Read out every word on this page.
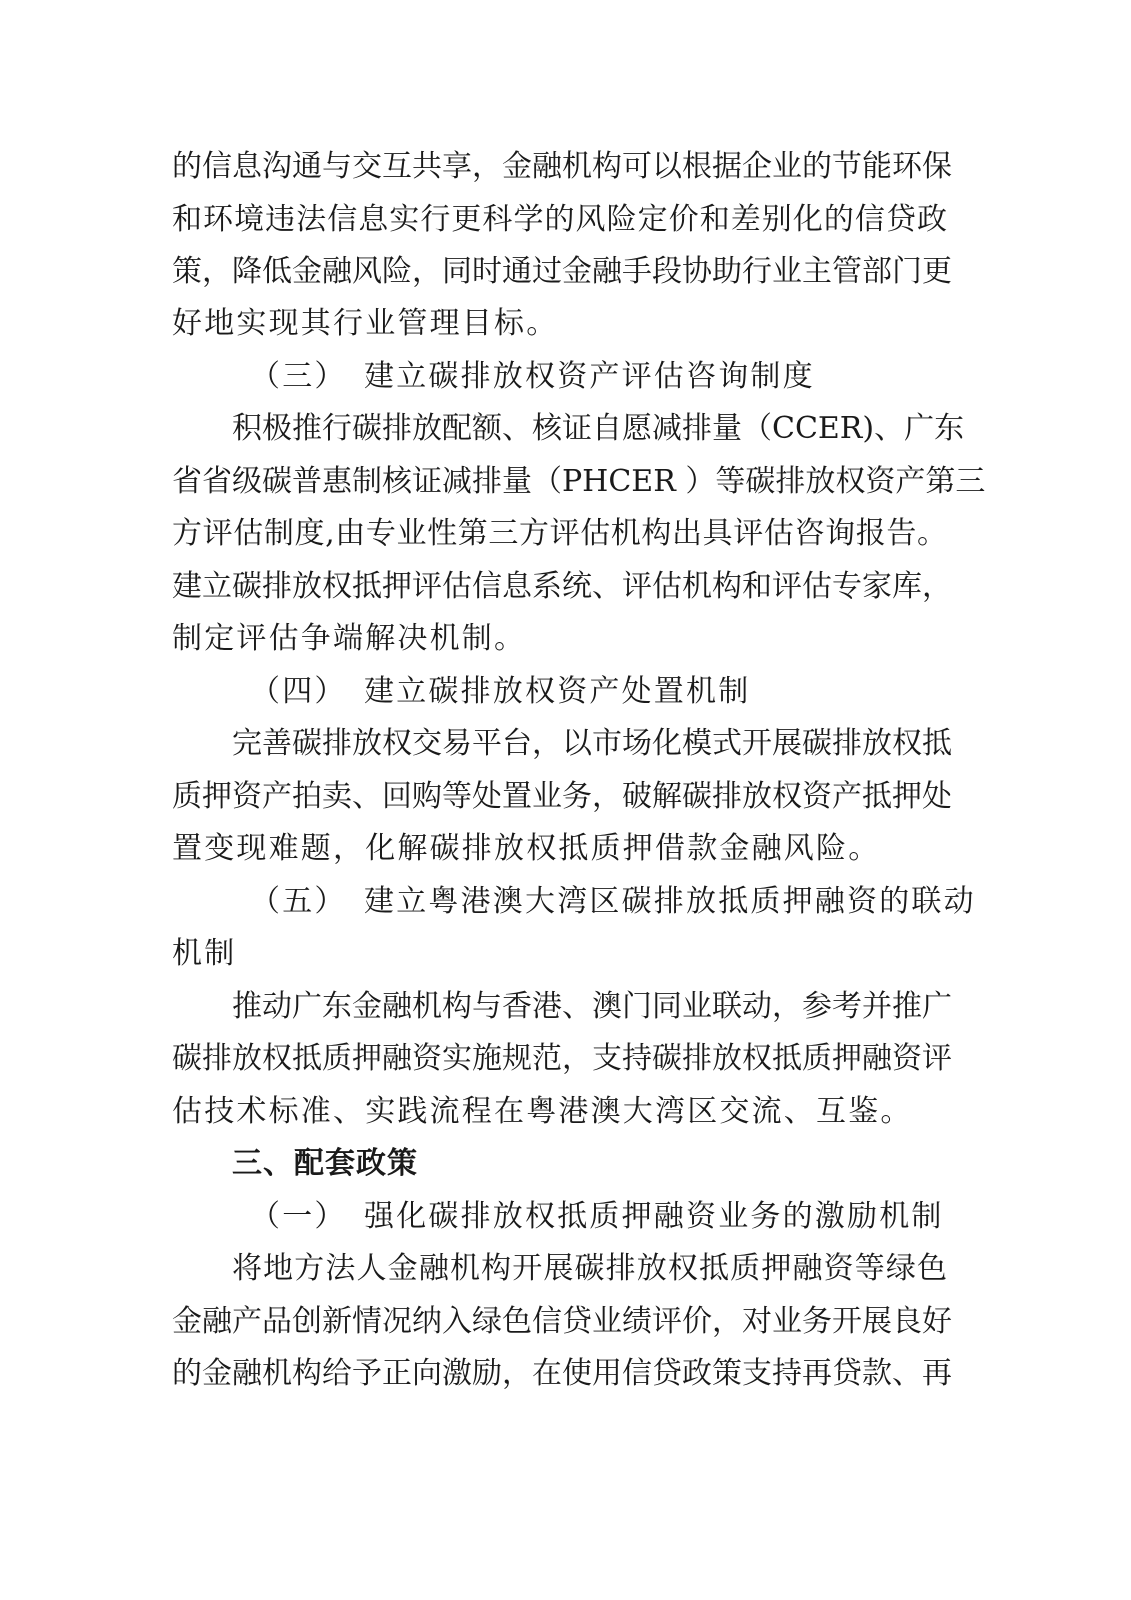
的信息沟通与交互共享，金融机构可以根据企业的节能环保
和环境违法信息实行更科学的风险定价和差别化的信贷政
策，降低金融风险，同时通过金融手段协助行业主管部门更
好地实现其行业管理目标。
（三） 建立碳排放权资产评估咨询制度
积极推行碳排放配额、核证自愿减排量（CCER)、广东
省省级碳普惠制核证减排量（PHCER ）等碳排放权资产第三
方评估制度,由专业性第三方评估机构出具评估咨询报告。
建立碳排放权抵押评估信息系统、评估机构和评估专家库，
制定评估争端解决机制。
（四） 建立碳排放权资产处置机制
完善碳排放权交易平台，以市场化模式开展碳排放权抵
质押资产拍卖、回购等处置业务，破解碳排放权资产抵押处
置变现难题，化解碳排放权抵质押借款金融风险。
（五） 建立粤港澳大湾区碳排放抵质押融资的联动
机制
推动广东金融机构与香港、澳门同业联动，参考并推广
碳排放权抵质押融资实施规范，支持碳排放权抵质押融资评
估技术标准、实践流程在粤港澳大湾区交流、互鉴。
三、配套政策
（一） 强化碳排放权抵质押融资业务的激励机制
将地方法人金融机构开展碳排放权抵质押融资等绿色
金融产品创新情况纳入绿色信贷业绩评价，对业务开展良好
的金融机构给予正向激励，在使用信贷政策支持再贷款、再
